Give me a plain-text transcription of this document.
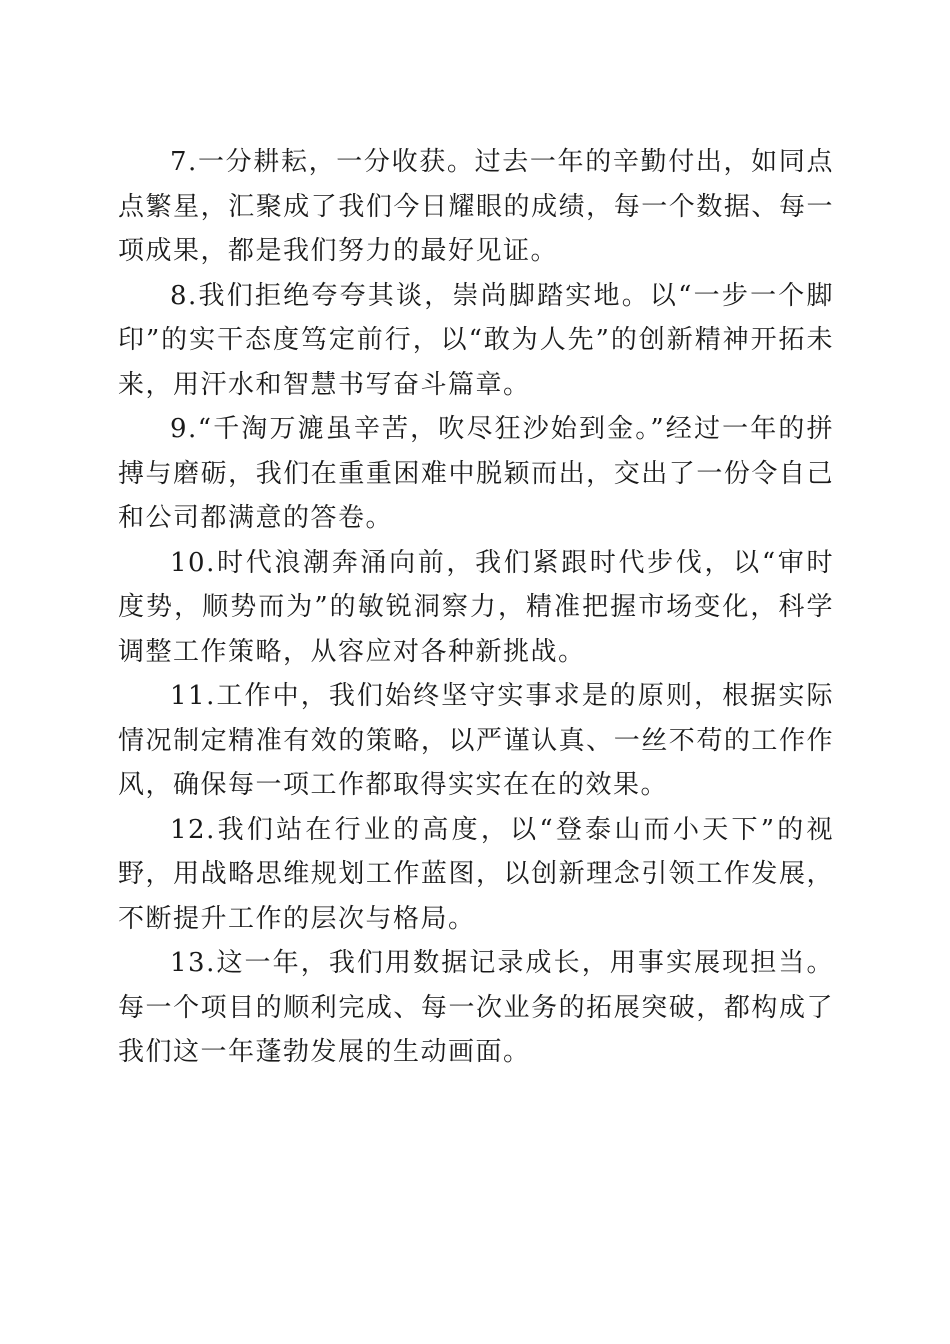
7.一分耕耘，一分收获。过去一年的辛勤付出，如同点点繁星，汇聚成了我们今日耀眼的成绩，每一个数据、每一项成果，都是我们努力的最好见证。

8.我们拒绝夸夸其谈，崇尚脚踏实地。以“一步一个脚印”的实干态度笃定前行，以“敢为人先”的创新精神开拓未来，用汗水和智慧书写奋斗篇章。

9.“千淘万漉虽辛苦，吹尽狂沙始到金。”经过一年的拼搏与磨砺，我们在重重困难中脱颖而出，交出了一份令自己和公司都满意的答卷。

10.时代浪潮奔涌向前，我们紧跟时代步伐，以“审时度势，顺势而为”的敏锐洞察力，精准把握市场变化，科学调整工作策略，从容应对各种新挑战。

11.工作中，我们始终坚守实事求是的原则，根据实际情况制定精准有效的策略，以严谨认真、一丝不苟的工作作风，确保每一项工作都取得实实在在的效果。

12.我们站在行业的高度，以“登泰山而小天下”的视野，用战略思维规划工作蓝图，以创新理念引领工作发展，不断提升工作的层次与格局。

13.这一年，我们用数据记录成长，用事实展现担当。每一个项目的顺利完成、每一次业务的拓展突破，都构成了我们这一年蓬勃发展的生动画面。
